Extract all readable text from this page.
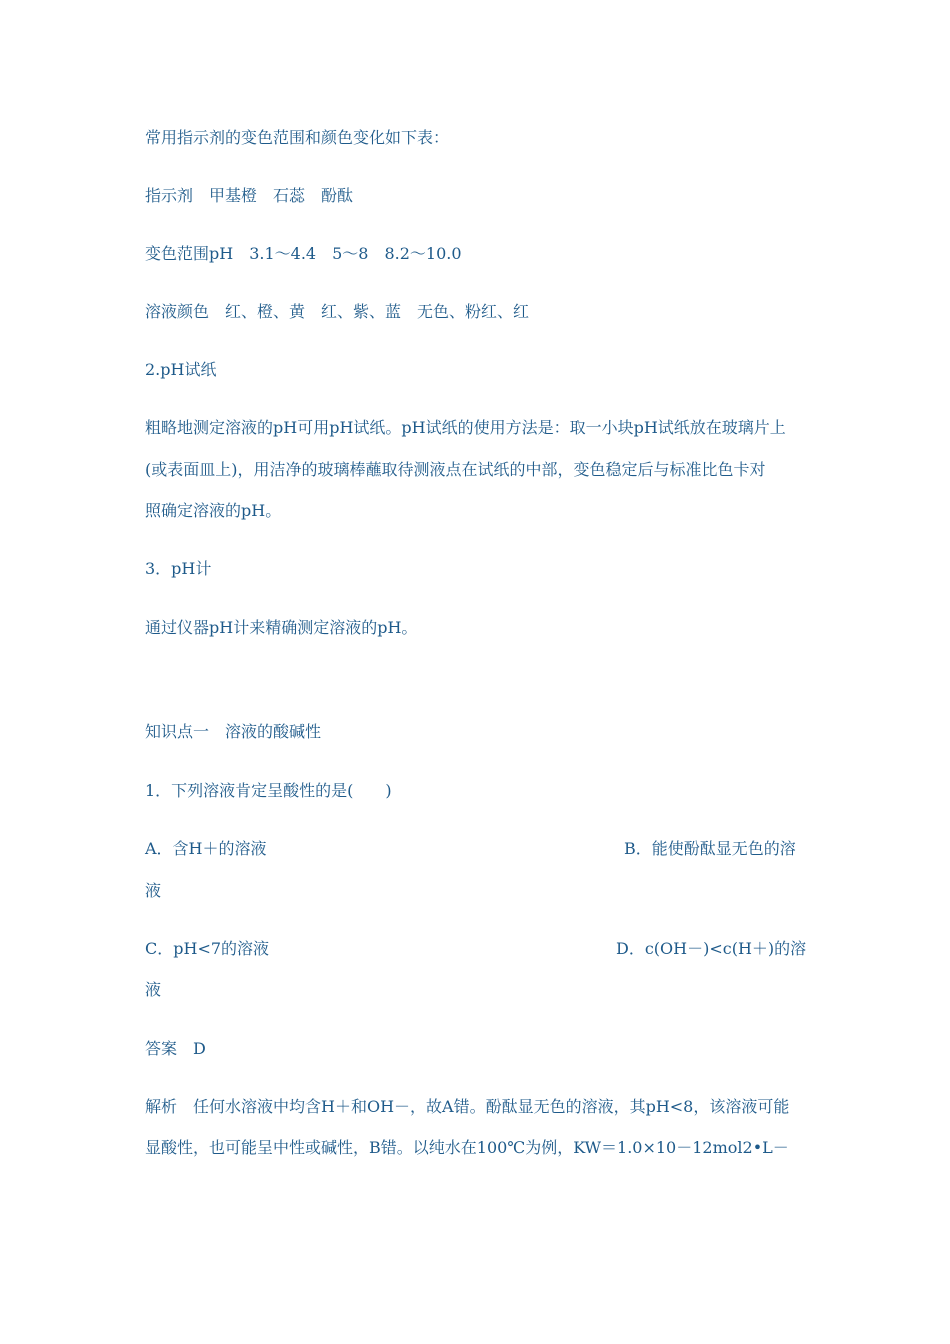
常用指示剂的变色范围和颜色变化如下表：

指示剂　甲基橙　石蕊　酚酞

变色范围pH　3.1～4.4　5～8　8.2～10.0

溶液颜色　红、橙、黄　红、紫、蓝　无色、粉红、红

2.pH试纸

粗略地测定溶液的pH可用pH试纸。pH试纸的使用方法是：取一小块pH试纸放在玻璃片上

(或表面皿上)，用洁净的玻璃棒蘸取待测液点在试纸的中部，变色稳定后与标准比色卡对

照确定溶液的pH。

3．pH计

通过仪器pH计来精确测定溶液的pH。

知识点一　溶液的酸碱性

1．下列溶液肯定呈酸性的是(　　)

A．含H＋的溶液	B．能使酚酞显无色的溶

液

C．pH<7的溶液	D．c(OH－)<c(H＋)的溶

液

答案　D

解析　任何水溶液中均含H＋和OH－，故A错。酚酞显无色的溶液，其pH<8，该溶液可能

显酸性，也可能呈中性或碱性，B错。以纯水在100℃为例，KW＝1.0×10－12mol2•L－
